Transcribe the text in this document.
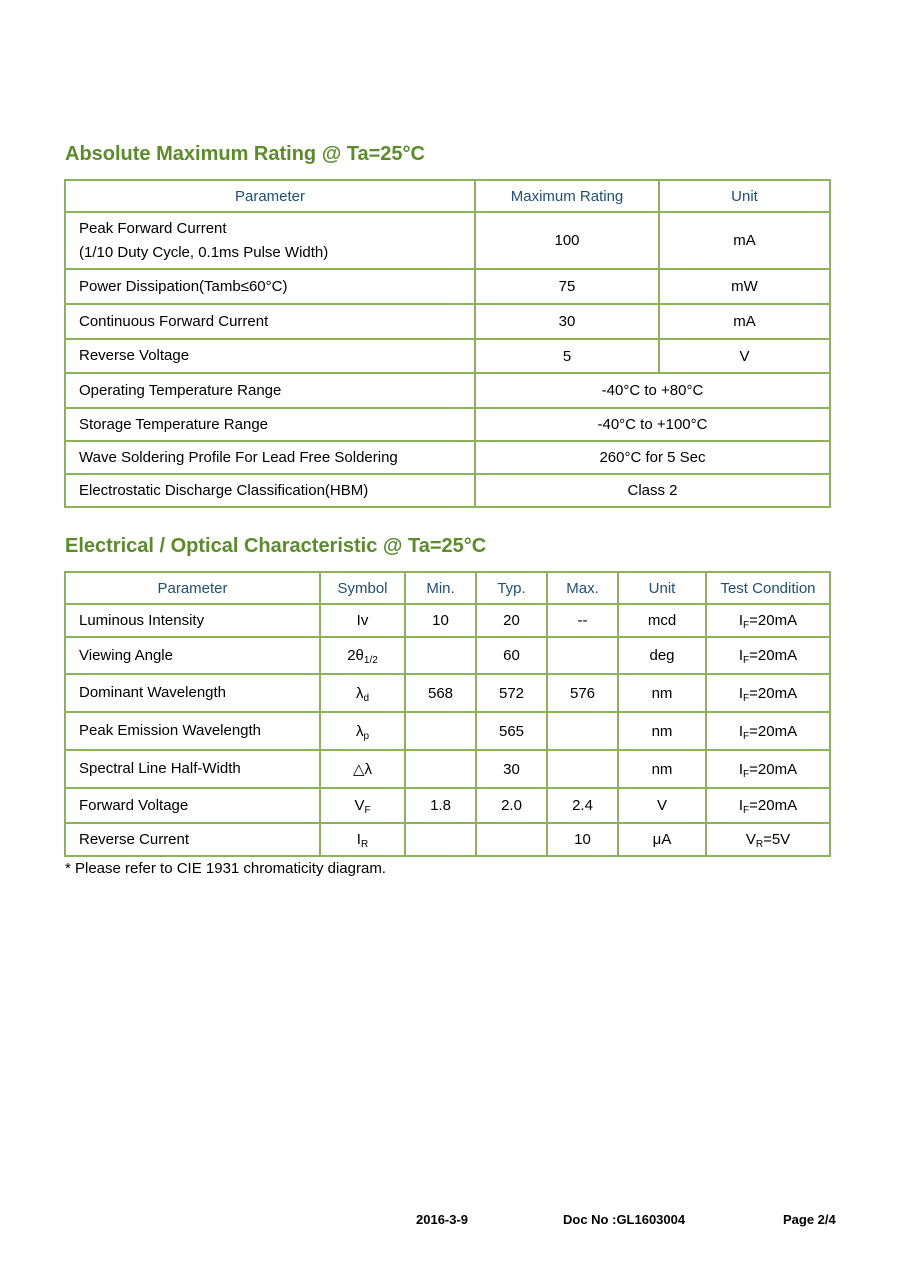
Absolute Maximum Rating @ Ta=25°C
Parameter	Maximum Rating	Unit

Peak Forward Current
(1/10 Duty Cycle, 0.1ms Pulse Width)	100	mA
Power Dissipation(Tamb≤60°C)	75	mW
Continuous Forward Current	30	mA
Reverse Voltage	5	V
Operating Temperature Range	-40°C to +80°C	
Storage Temperature Range	-40°C to +100°C	
Wave Soldering Profile For Lead Free Soldering	260°C for 5 Sec	
Electrostatic Discharge Classification(HBM)	Class 2	
Electrical / Optical Characteristic @ Ta=25°C
Parameter	Symbol	Min.	Typ.	Max.	Unit	Test Condition
Luminous Intensity	Iv	10	20	--	mcd	$I_F=20mA$
Viewing Angle	$2\theta_{1/2}$		60		deg	$I_F=20mA$
Dominant Wavelength	$\lambda_d$	568	572	576	nm	$I_F=20mA$
Peak Emission Wavelength	$\lambda_p$		565		nm	$I_F=20mA$
Spectral Line Half-Width	△λ		30		nm	$I_F=20mA$
Forward Voltage	$V_F$	1.8	2.0	2.4	V	$I_F=20mA$
Reverse Current	$I_R$			10	μA	$V_R=5V$
* Please refer to CIE 1931 chromaticity diagram.
2016-3-9	Doc No :GL1603004	Page 2/4
